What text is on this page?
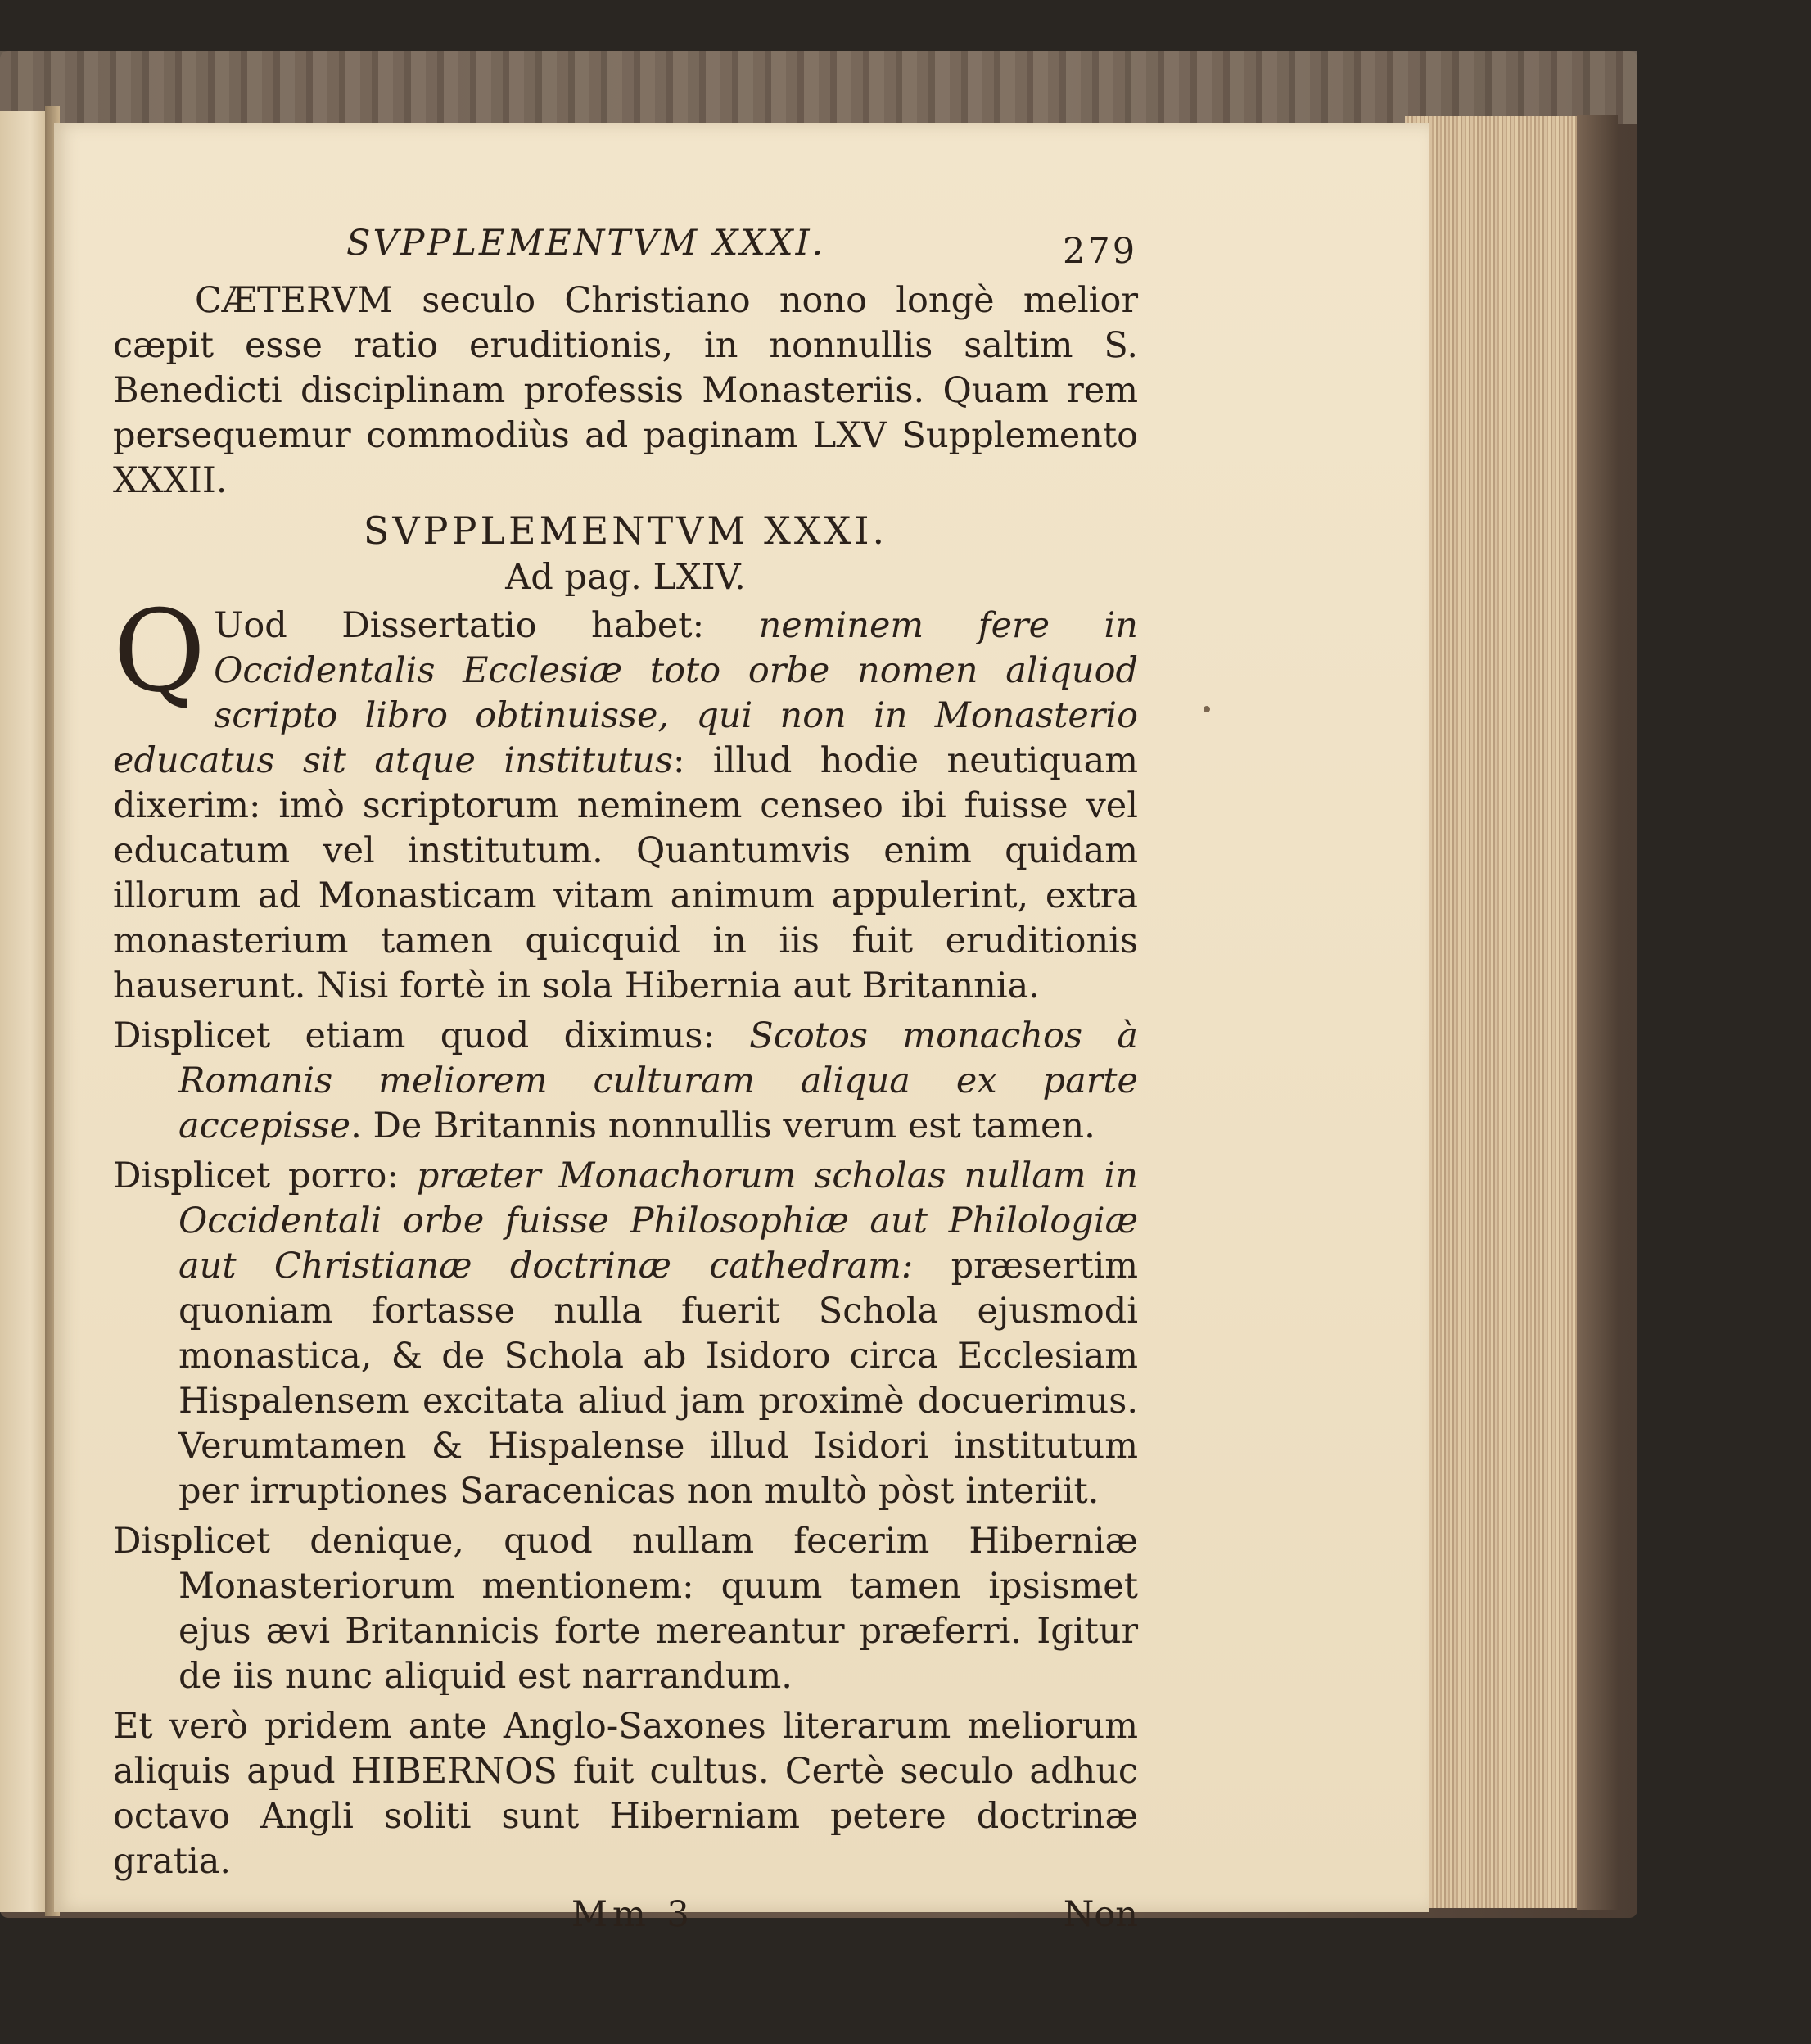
SVPPLEMENTVM XXXI.	279

CÆTERVM seculo Christiano nono longè melior cæpit esse ratio eruditionis, in nonnullis saltim S. Benedicti disciplinam professis Monasteriis. Quam rem persequemur commodiùs ad paginam LXV Supplemento XXXII.

SVPPLEMENTVM XXXI.

Ad pag. LXIV.

Q Uod Dissertatio habet: neminem fere in Occidentalis Ecclesiæ toto orbe nomen aliquod scripto libro obtinuisse, qui non in Monasterio educatus sit atque institutus: illud hodie neutiquam dixerim: imò scriptorum neminem censeo ibi fuisse vel educatum vel institutum. Quantumvis enim quidam illorum ad Monasticam vitam animum appulerint, extra monasterium tamen quicquid in iis fuit eruditionis hauserunt. Nisi fortè in sola Hibernia aut Britannia.

Displicet etiam quod diximus: Scotos monachos à Romanis meliorem culturam aliqua ex parte accepisse. De Britannis nonnullis verum est tamen.

Displicet porro: præter Monachorum scholas nullam in Occidentali orbe fuisse Philosophiæ aut Philologiæ aut Christianæ doctrinæ cathedram: præsertim quoniam fortasse nulla fuerit Schola ejusmodi monastica, & de Schola ab Isidoro circa Ecclesiam Hispalensem excitata aliud jam proximè docuerimus. Verumtamen & Hispalense illud Isidori institutum per irruptiones Saracenicas non multò pòst interiit.

Displicet denique, quod nullam fecerim Hiberniæ Monasteriorum mentionem: quum tamen ipsismet ejus ævi Britannicis forte mereantur præferri. Igitur de iis nunc aliquid est narrandum.

Et verò pridem ante Anglo-Saxones literarum meliorum aliquis apud HIBERNOS fuit cultus. Certè seculo adhuc octavo Angli soliti sunt Hiberniam petere doctrinæ gratia.

Mm 3	Non
